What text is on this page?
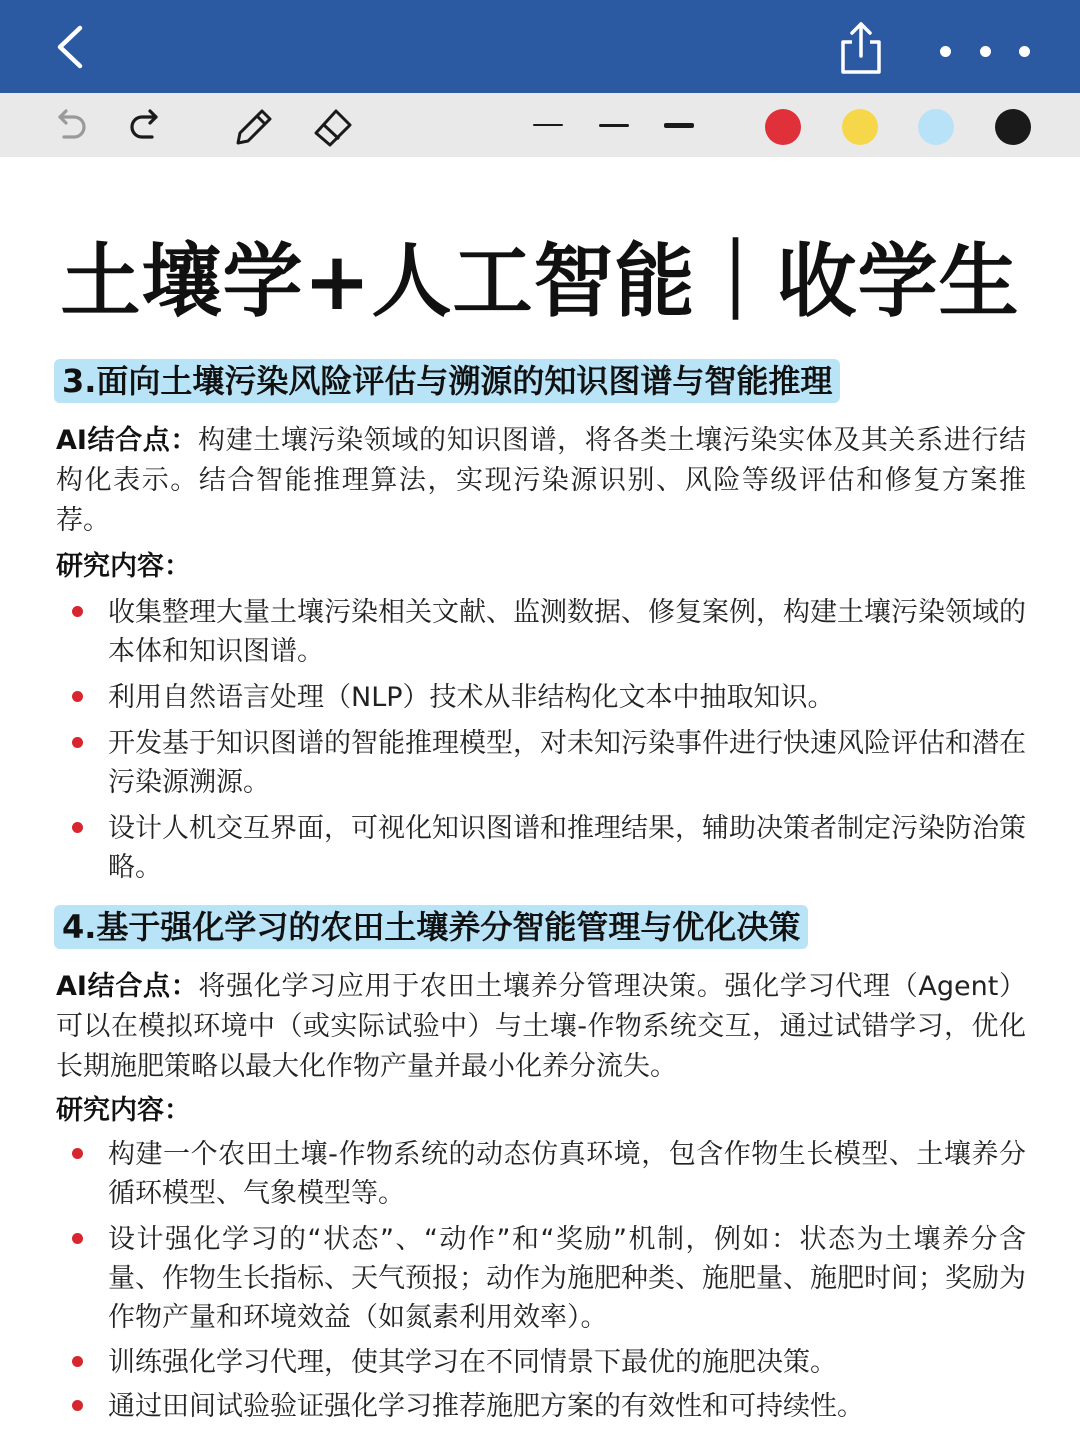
土壤学+人工智能｜收学生
3.面向土壤污染风险评估与溯源的知识图谱与智能推理
AI结合点：构建土壤污染领域的知识图谱，将各类土壤污染实体及其关系进行结构化表示。结合智能推理算法，实现污染源识别、风险等级评估和修复方案推荐。
研究内容：
收集整理大量土壤污染相关文献、监测数据、修复案例，构建土壤污染领域的本体和知识图谱。
利用自然语言处理（NLP）技术从非结构化文本中抽取知识。
开发基于知识图谱的智能推理模型，对未知污染事件进行快速风险评估和潜在污染源溯源。
设计人机交互界面，可视化知识图谱和推理结果，辅助决策者制定污染防治策略。
4.基于强化学习的农田土壤养分智能管理与优化决策
AI结合点：将强化学习应用于农田土壤养分管理决策。强化学习代理（Agent）可以在模拟环境中（或实际试验中）与土壤-作物系统交互，通过试错学习，优化长期施肥策略以最大化作物产量并最小化养分流失。
研究内容：
构建一个农田土壤-作物系统的动态仿真环境，包含作物生长模型、土壤养分循环模型、气象模型等。
设计强化学习的“状态”、“动作”和“奖励”机制，例如：状态为土壤养分含量、作物生长指标、天气预报；动作为施肥种类、施肥量、施肥时间；奖励为作物产量和环境效益（如氮素利用效率）。
训练强化学习代理，使其学习在不同情景下最优的施肥决策。
通过田间试验验证强化学习推荐施肥方案的有效性和可持续性。
